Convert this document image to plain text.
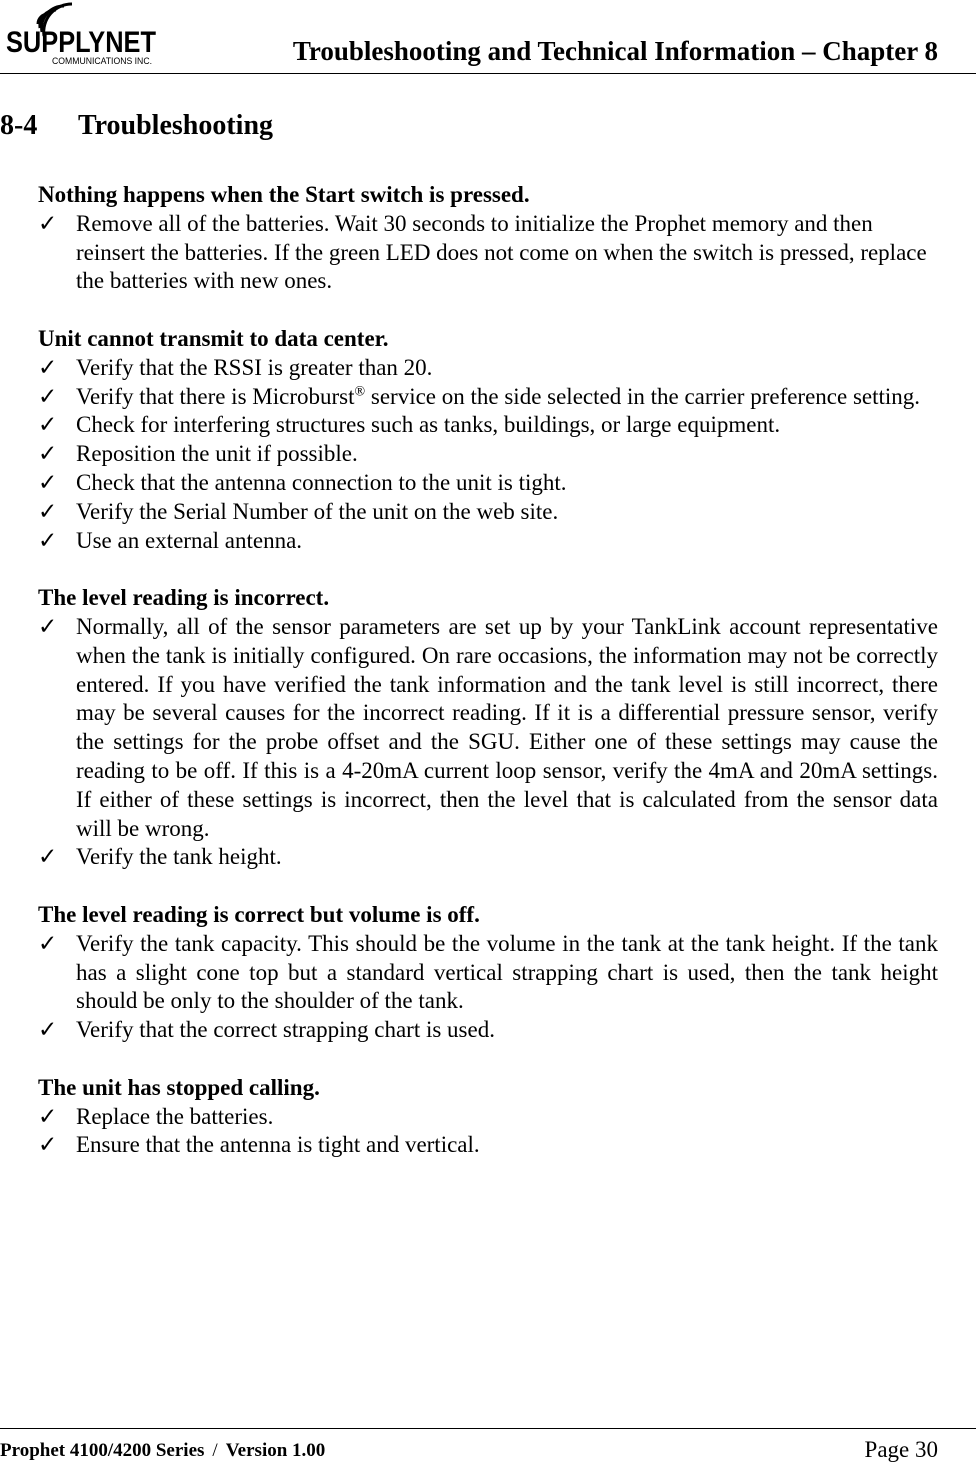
SUPPLYNET
COMMUNICATIONS INC.	Troubleshooting and Technical Information – Chapter 8
8-4 Troubleshooting
Nothing happens when the Start switch is pressed.
✓ Remove all of the batteries. Wait 30 seconds to initialize the Prophet memory and then reinsert the batteries. If the green LED does not come on when the switch is pressed, replace the batteries with new ones.
Unit cannot transmit to data center.
✓ Verify that the RSSI is greater than 20.
✓ Verify that there is Microburst® service on the side selected in the carrier preference setting.
✓ Check for interfering structures such as tanks, buildings, or large equipment.
✓ Reposition the unit if possible.
✓ Check that the antenna connection to the unit is tight.
✓ Verify the Serial Number of the unit on the web site.
✓ Use an external antenna.
The level reading is incorrect.
✓ Normally, all of the sensor parameters are set up by your TankLink account representative when the tank is initially configured. On rare occasions, the information may not be correctly entered. If you have verified the tank information and the tank level is still incorrect, there may be several causes for the incorrect reading. If it is a differential pressure sensor, verify the settings for the probe offset and the SGU. Either one of these settings may cause the reading to be off. If this is a 4-20mA current loop sensor, verify the 4mA and 20mA settings. If either of these settings is incorrect, then the level that is calculated from the sensor data will be wrong.
✓ Verify the tank height.
The level reading is correct but volume is off.
✓ Verify the tank capacity. This should be the volume in the tank at the tank height. If the tank has a slight cone top but a standard vertical strapping chart is used, then the tank height should be only to the shoulder of the tank.
✓ Verify that the correct strapping chart is used.
The unit has stopped calling.
✓ Replace the batteries.
✓ Ensure that the antenna is tight and vertical.
Prophet 4100/4200 Series / Version 1.00	Page 30
